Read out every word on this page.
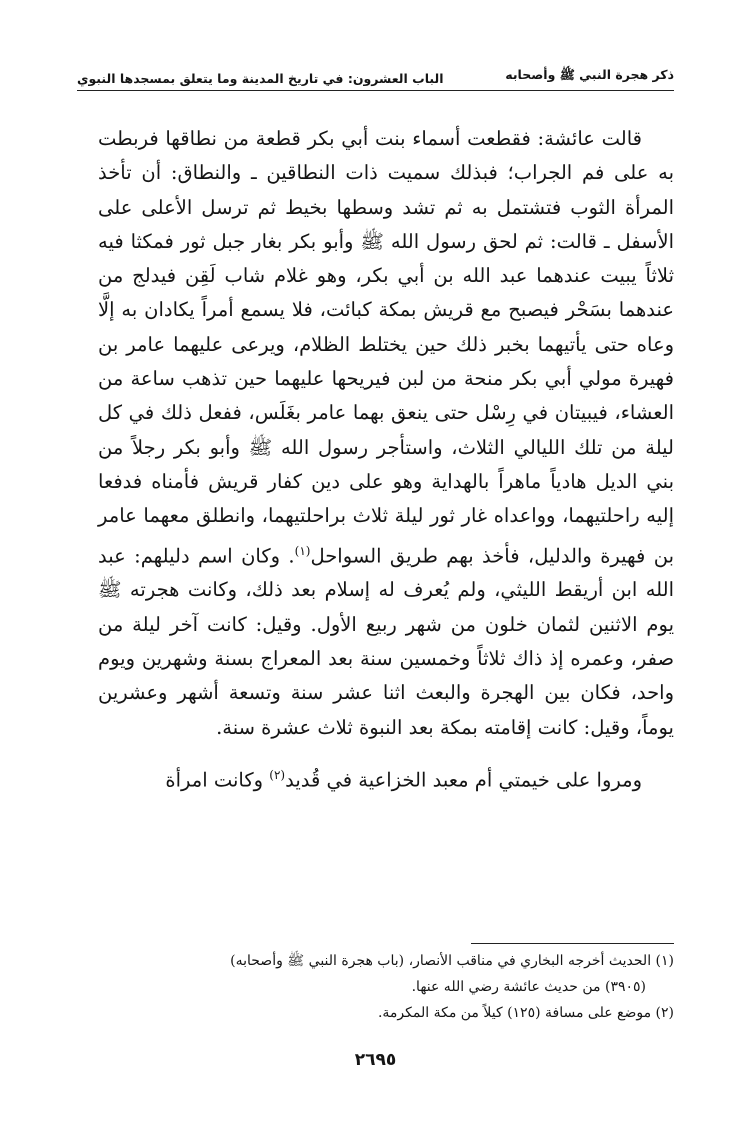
ذكر هجرة النبي ﷺ وأصحابه
الباب العشرون: في تاريخ المدينة وما يتعلق بمسجدها النبوي

قالت عائشة: فقطعت أسماء بنت أبي بكر قطعة من نطاقها فربطت به على فم الجراب؛ فبذلك سميت ذات النطاقين ـ والنطاق: أن تأخذ المرأة الثوب فتشتمل به ثم تشد وسطها بخيط ثم ترسل الأعلى على الأسفل ـ قالت: ثم لحق رسول الله ﷺ وأبو بكر بغار جبل ثور فمكثا فيه ثلاثاً يبيت عندهما عبد الله بن أبي بكر، وهو غلام شاب لَقِن فيدلج من عندهما بسَحْر فيصبح مع قريش بمكة كبائت، فلا يسمع أمراً يكادان به إلَّا وعاه حتى يأتيهما بخبر ذلك حين يختلط الظلام، ويرعى عليهما عامر بن فهيرة مولي أبي بكر منحة من لبن فيريحها عليهما حين تذهب ساعة من العشاء، فيبيتان في رِسْل حتى ينعق بهما عامر بغَلَس، ففعل ذلك في كل ليلة من تلك الليالي الثلاث، واستأجر رسول الله ﷺ وأبو بكر رجلاً من بني الديل هادياً ماهراً بالهداية وهو على دين كفار قريش فأمناه فدفعا إليه راحلتيهما، وواعداه غار ثور ليلة ثلاث براحلتيهما، وانطلق معهما عامر بن فهيرة والدليل، فأخذ بهم طريق السواحل$^{(١)}$. وكان اسم دليلهم: عبد الله ابن أريقط الليثي، ولم يُعرف له إسلام بعد ذلك، وكانت هجرته ﷺ يوم الاثنين لثمان خلون من شهر ربيع الأول. وقيل: كانت آخر ليلة من صفر، وعمره إذ ذاك ثلاثاً وخمسين سنة بعد المعراج بسنة وشهرين ويوم واحد، فكان بين الهجرة والبعث اثنا عشر سنة وتسعة أشهر وعشرين يوماً، وقيل: كانت إقامته بمكة بعد النبوة ثلاث عشرة سنة.

ومروا على خيمتي أم معبد الخزاعية في قُديد$^{(٢)}$ وكانت امرأة

(١) الحديث أخرجه البخاري في مناقب الأنصار، (باب هجرة النبي ﷺ وأصحابه)

(٣٩٠٥) من حديث عائشة رضي الله عنها.

(٢) موضع على مسافة (١٢٥) كيلاً من مكة المكرمة.

٢٦٩٥
